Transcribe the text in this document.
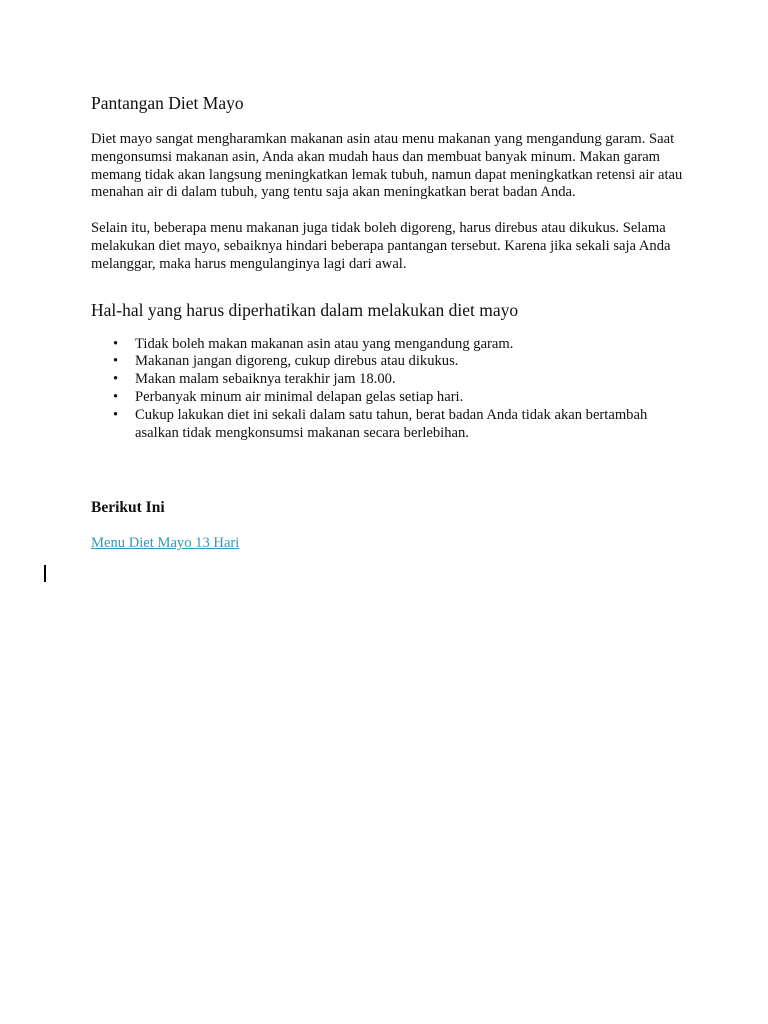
Pantangan Diet Mayo

Diet mayo sangat mengharamkan makanan asin atau menu makanan yang mengandung garam. Saat mengonsumsi makanan asin, Anda akan mudah haus dan membuat banyak minum. Makan garam memang tidak akan langsung meningkatkan lemak tubuh, namun dapat meningkatkan retensi air atau menahan air di dalam tubuh, yang tentu saja akan meningkatkan berat badan Anda.

Selain itu, beberapa menu makanan juga tidak boleh digoreng, harus direbus atau dikukus. Selama melakukan diet mayo, sebaiknya hindari beberapa pantangan tersebut. Karena jika sekali saja Anda melanggar, maka harus mengulanginya lagi dari awal.

Hal-hal yang harus diperhatikan dalam melakukan diet mayo
• Tidak boleh makan makanan asin atau yang mengandung garam.
• Makanan jangan digoreng, cukup direbus atau dikukus.
• Makan malam sebaiknya terakhir jam 18.00.
• Perbanyak minum air minimal delapan gelas setiap hari.
• Cukup lakukan diet ini sekali dalam satu tahun, berat badan Anda tidak akan bertambah asalkan tidak mengkonsumsi makanan secara berlebihan.
Berikut Ini
Menu Diet Mayo 13 Hari
